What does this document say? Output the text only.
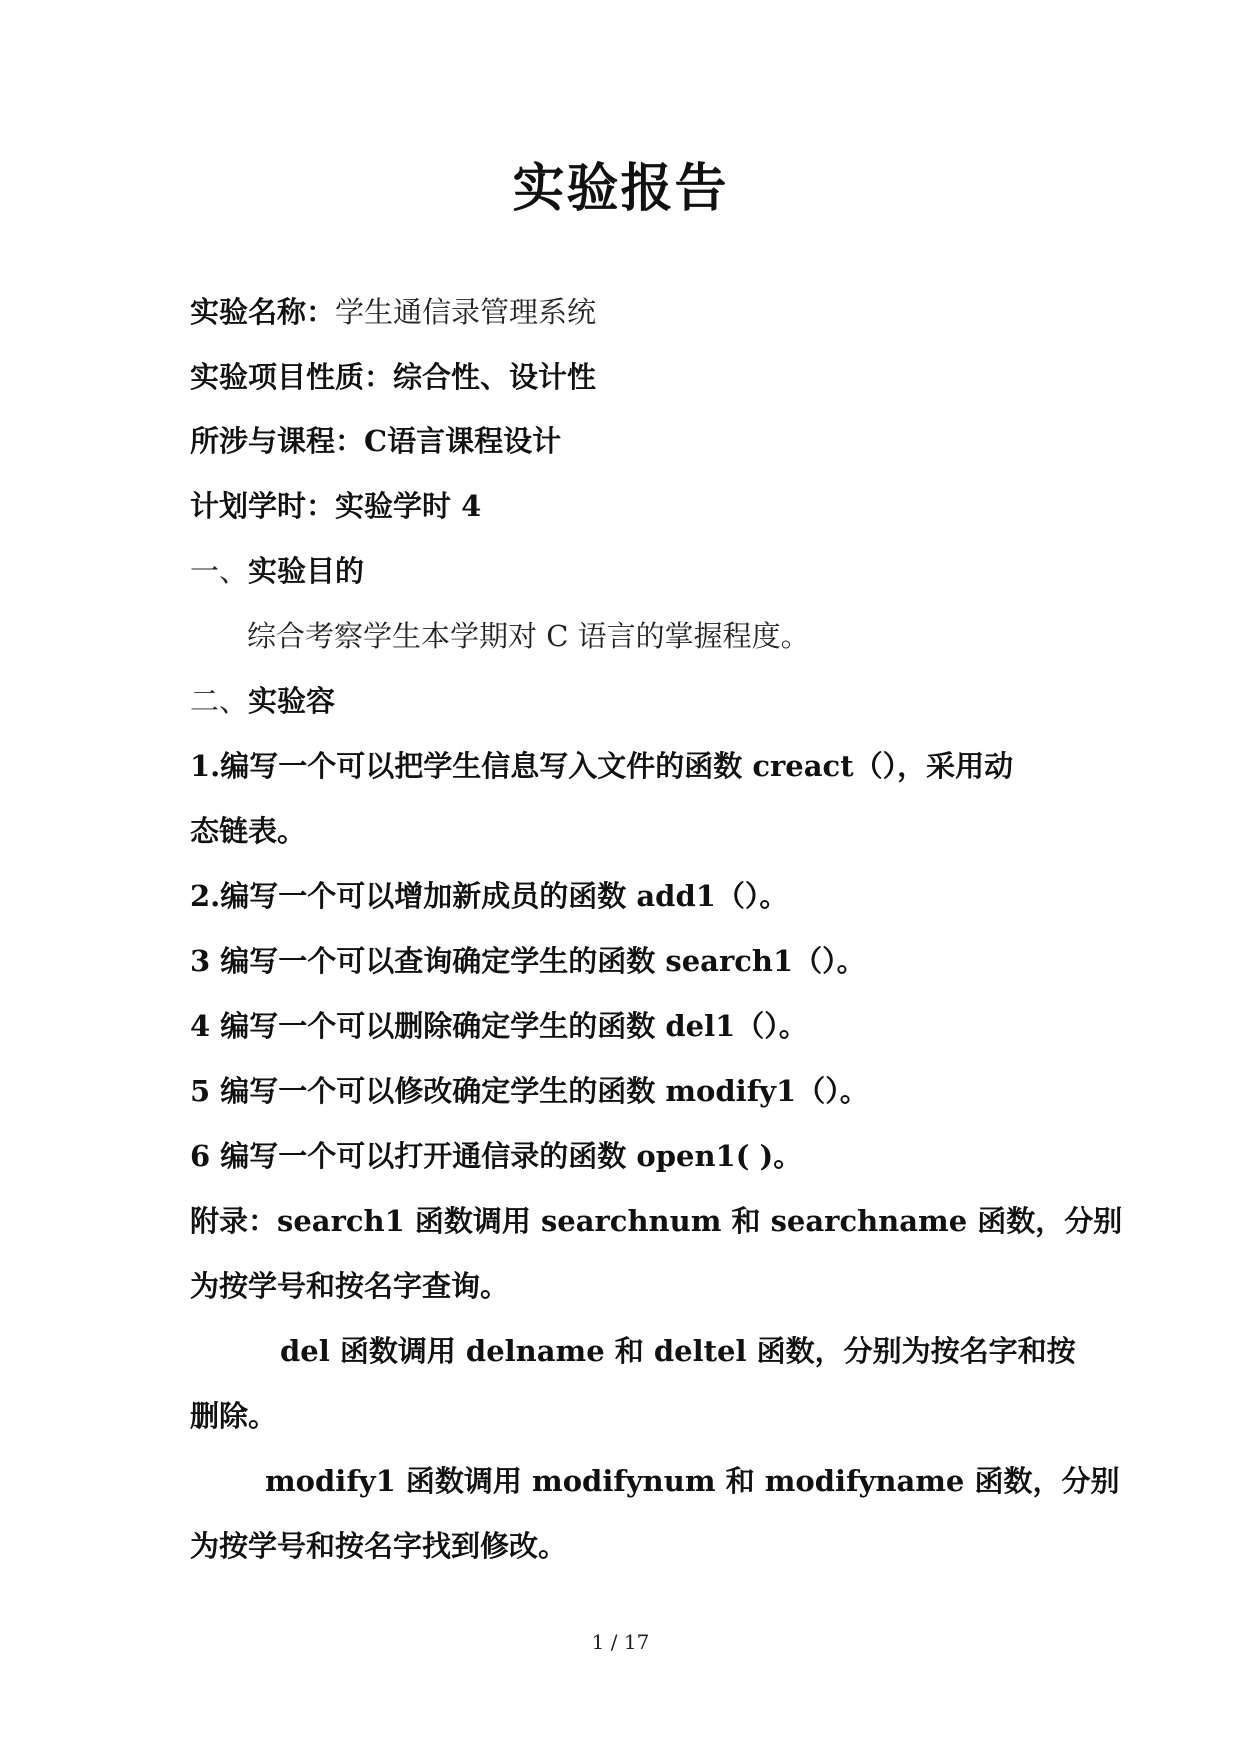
实验报告
实验名称：学生通信录管理系统
实验项目性质：综合性、设计性
所涉与课程：C语言课程设计
计划学时：实验学时 4
一、实验目的
综合考察学生本学期对 C 语言的掌握程度。
二、实验容
1.编写一个可以把学生信息写入文件的函数 creact（），采用动
态链表。
2.编写一个可以增加新成员的函数 add1（）。
3 编写一个可以查询确定学生的函数 search1（）。
4 编写一个可以删除确定学生的函数 del1（）。
5 编写一个可以修改确定学生的函数 modify1（）。
6 编写一个可以打开通信录的函数 open1( )。
附录：search1 函数调用 searchnum 和 searchname 函数，分别
为按学号和按名字查询。
del 函数调用 delname 和 deltel 函数，分别为按名字和按
删除。
modify1 函数调用 modifynum 和 modifyname 函数，分别
为按学号和按名字找到修改。
1 / 17
